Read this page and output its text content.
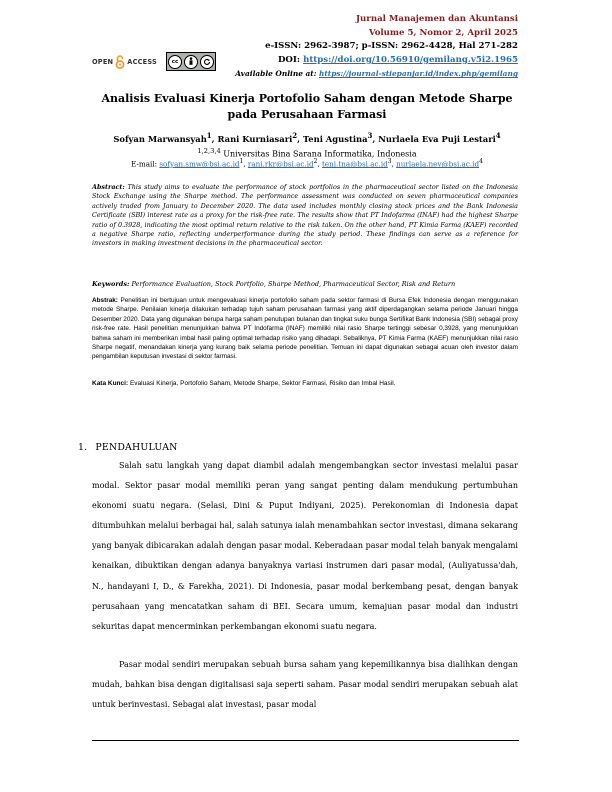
Jurnal Manajemen dan Akuntansi
Volume 5, Nomor 2, April 2025
e-ISSN: 2962-3987; p-ISSN: 2962-4428, Hal 271-282
DOI: https://doi.org/10.56910/gemilang.v5i2.1965
Available Online at: https://journal-stiepanjar.id/index.php/gemilang
OPEN ACCESS	cc
Analisis Evaluasi Kinerja Portofolio Saham dengan Metode Sharpe pada Perusahaan Farmasi
Sofyan Marwansyah$^1$, Rani Kurniasari$^2$, Teni Agustina$^3$, Nurlaela Eva Puji Lestari$^4$
$^{1,2,3,4}$ Universitas Bina Sarana Informatika, Indonesia
E-mail: $sofyan.smw@bsi.ac.id^1$, $rani.rkr@bsi.ac.id^2$, $teni.tna@bsi.ac.id^3$, $nurlaela.nev@bsi.ac.id^4$
Abstract: This study aims to evaluate the performance of stock portfolios in the pharmaceutical sector listed on the Indonesia Stock Exchange using the Sharpe method. The performance assessment was conducted on seven pharmaceutical companies actively traded from January to December 2020. The data used includes monthly closing stock prices and the Bank Indonesia Certificate (SBI) interest rate as a proxy for the risk-free rate. The results show that PT Indofarma (INAF) had the highest Sharpe ratio of 0.3928, indicating the most optimal return relative to the risk taken. On the other hand, PT Kimia Farma (KAEF) recorded a negative Sharpe ratio, reflecting underperformance during the study period. These findings can serve as a reference for investors in making investment decisions in the pharmaceutical sector.
Keywords: Performance Evaluation, Stock Portfolio, Sharpe Method, Pharmaceutical Sector, Risk and Return
Abstrak: Penelitian ini bertujuan untuk mengevaluasi kinerja portofolio saham pada sektor farmasi di Bursa Efek Indonesia dengan menggunakan metode Sharpe. Penilaian kinerja dilakukan terhadap tujuh saham perusahaan farmasi yang aktif diperdagangkan selama periode Januari hingga Desember 2020. Data yang digunakan berupa harga saham penutupan bulanan dan tingkat suku bunga Sertifikat Bank Indonesia (SBI) sebagai proxy risk-free rate. Hasil penelitian menunjukkan bahwa PT Indofarma (INAF) memiliki nilai rasio Sharpe tertinggi sebesar 0,3928, yang menunjukkan bahwa saham ini memberikan imbal hasil paling optimal terhadap risiko yang dihadapi. Sebaliknya, PT Kimia Farma (KAEF) menunjukkan nilai rasio Sharpe negatif, menandakan kinerja yang kurang baik selama periode penelitian. Temuan ini dapat digunakan sebagai acuan oleh investor dalam pengambilan keputusan investasi di sektor farmasi.
Kata Kunci: Evaluasi Kinerja, Portofolio Saham, Metode Sharpe, Sektor Farmasi, Risiko dan Imbal Hasil.
1. PENDAHULUAN
Salah satu langkah yang dapat diambil adalah mengembangkan sector investasi melalui pasar modal. Sektor pasar modal memiliki peran yang sangat penting dalam mendukung pertumbuhan ekonomi suatu negara. (Selasi, Dini & Puput Indiyani, 2025). Perekonomian di Indonesia dapat ditumbuhkan melalui berbagai hal, salah satunya ialah menambahkan sector investasi, dimana sekarang yang banyak dibicarakan adalah dengan pasar modal. Keberadaan pasar modal telah banyak mengalami kenaikan, dibuktikan dengan adanya banyaknya variasi instrumen dari pasar modal, (Auliyatussa'dah, N., handayani I, D., & Farekha, 2021). Di Indonesia, pasar modal berkembang pesat, dengan banyak perusahaan yang mencatatkan saham di BEI. Secara umum, kemajuan pasar modal dan industri sekuritas dapat mencerminkan perkembangan ekonomi suatu negara.
Pasar modal sendiri merupakan sebuah bursa saham yang kepemilikannya bisa dialihkan dengan mudah, bahkan bisa dengan digitalisasi saja seperti saham. Pasar modal sendiri merupakan sebuah alat untuk berinvestasi. Sebagai alat investasi, pasar modal
